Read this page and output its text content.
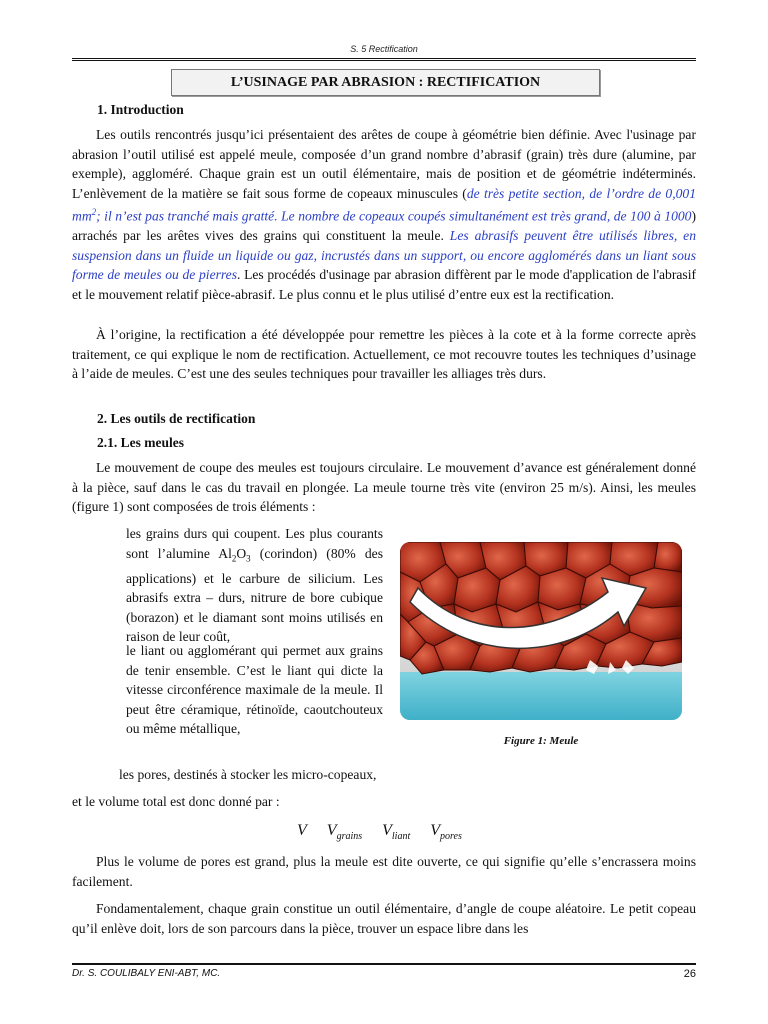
S. 5 Rectification
L’USINAGE PAR ABRASION : RECTIFICATION
1. Introduction
Les outils rencontrés jusqu’ici présentaient des arêtes de coupe à géométrie bien définie. Avec l'usinage par abrasion l’outil utilisé est appelé meule, composée d’un grand nombre d’abrasif (grain) très dure (alumine, par exemple), aggloméré. Chaque grain est un outil élémentaire, mais de position et de géométrie indéterminés. L’enlèvement de la matière se fait sous forme de copeaux minuscules (de très petite section, de l’ordre de 0,001 $mm^2$; il n’est pas tranché mais gratté. Le nombre de copeaux coupés simultanément est très grand, de 100 à 1000) arrachés par les arêtes vives des grains qui constituent la meule. Les abrasifs peuvent être utilisés libres, en suspension dans un fluide un liquide ou gaz, incrustés dans un support, ou encore agglomérés dans un liant sous forme de meules ou de pierres. Les procédés d'usinage par abrasion diffèrent par le mode d'application de l'abrasif et le mouvement relatif pièce-abrasif. Le plus connu et le plus utilisé d’entre eux est la rectification.
À l’origine, la rectification a été développée pour remettre les pièces à la cote et à la forme correcte après traitement, ce qui explique le nom de rectification. Actuellement, ce mot recouvre toutes les techniques d’usinage à l’aide de meules. C’est une des seules techniques pour travailler les alliages très durs.
2. Les outils de rectification
2.1. Les meules
Le mouvement de coupe des meules est toujours circulaire. Le mouvement d’avance est généralement donné à la pièce, sauf dans le cas du travail en plongée. La meule tourne très vite (environ 25 m/s). Ainsi, les meules (figure 1) sont composées de trois éléments :
les grains durs qui coupent. Les plus courants sont l’alumine $Al_2O_3$ (corindon) (80% des applications) et le carbure de silicium. Les abrasifs extra – durs, nitrure de borе cubique (borazon) et le diamant sont moins utilisés en raison de leur coût,
le liant ou agglomérant qui permet aux grains de tenir ensemble. C’est le liant qui dicte la vitesse circonférence maximale de la meule. Il peut être céramique, rétinoïde, caoutchouteux ou même métallique,
les pores, destinés à stocker les micro-copeaux,
et le volume total est donc donné par :
V $V_{grains}$ $V_{liant}$ $V_{pores}$
Plus le volume de pores est grand, plus la meule est dite ouverte, ce qui signifie qu’elle s’encrassera moins facilement.
Fondamentalement, chaque grain constitue un outil élémentaire, d’angle de coupe aléatoire. Le petit copeau qu’il enlève doit, lors de son parcours dans la pièce, trouver un espace libre dans les
Figure 1: Meule
Dr. S. COULIBALY ENI-ABT, MC.	26
